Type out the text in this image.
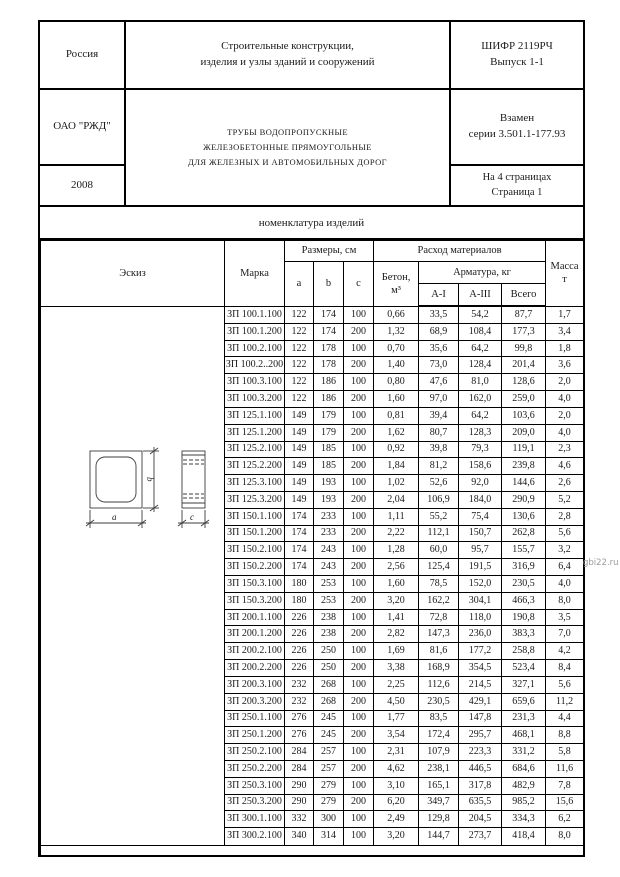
Россия
Строительные конструкции,
изделия и узлы зданий и сооружений
ШИФР 2119РЧ
Выпуск 1-1
ОАО "РЖД"	ТРУБЫ ВОДОПРОПУСКНЫЕ
ЖЕЛЕЗОБЕТОННЫЕ ПРЯМОУГОЛЬНЫЕ
ДЛЯ ЖЕЛЕЗНЫХ И АВТОМОБИЛЬНЫХ ДОРОГ
Взамен
серии 3.501.1-177.93
2008
На 4 страницах
Страница 1
номенклатура изделий
Эскиз	Марка	Размеры, см			Расход материалов				Масса
т

		a	b	c	Бетон,
м³	Арматура, кг			
						А-I	А-III	Всего	

a
b
c	ЗП 100.1.100	122	174	100	0,66	33,5	54,2	87,7	1,7
	ЗП 100.1.200	122	174	200	1,32	68,9	108,4	177,3	3,4
	ЗП 100.2.100	122	178	100	0,70	35,6	64,2	99,8	1,8
	ЗП 100.2..200	122	178	200	1,40	73,0	128,4	201,4	3,6
	ЗП 100.3.100	122	186	100	0,80	47,6	81,0	128,6	2,0
	ЗП 100.3.200	122	186	200	1,60	97,0	162,0	259,0	4,0
	ЗП 125.1.100	149	179	100	0,81	39,4	64,2	103,6	2,0
	ЗП 125.1.200	149	179	200	1,62	80,7	128,3	209,0	4,0
	ЗП 125.2.100	149	185	100	0,92	39,8	79,3	119,1	2,3
	ЗП 125.2.200	149	185	200	1,84	81,2	158,6	239,8	4,6
	ЗП 125.3.100	149	193	100	1,02	52,6	92,0	144,6	2,6
	ЗП 125.3.200	149	193	200	2,04	106,9	184,0	290,9	5,2
	ЗП 150.1.100	174	233	100	1,11	55,2	75,4	130,6	2,8
	ЗП 150.1.200	174	233	200	2,22	112,1	150,7	262,8	5,6
	ЗП 150.2.100	174	243	100	1,28	60,0	95,7	155,7	3,2
	ЗП 150.2.200	174	243	200	2,56	125,4	191,5	316,9	6,4
	ЗП 150.3.100	180	253	100	1,60	78,5	152,0	230,5	4,0
	ЗП 150.3.200	180	253	200	3,20	162,2	304,1	466,3	8,0
	ЗП 200.1.100	226	238	100	1,41	72,8	118,0	190,8	3,5
	ЗП 200.1.200	226	238	200	2,82	147,3	236,0	383,3	7,0
	ЗП 200.2.100	226	250	100	1,69	81,6	177,2	258,8	4,2
	ЗП 200.2.200	226	250	200	3,38	168,9	354,5	523,4	8,4
	ЗП 200.3.100	232	268	100	2,25	112,6	214,5	327,1	5,6
	ЗП 200.3.200	232	268	200	4,50	230,5	429,1	659,6	11,2
	ЗП 250.1.100	276	245	100	1,77	83,5	147,8	231,3	4,4
	ЗП 250.1.200	276	245	200	3,54	172,4	295,7	468,1	8,8
	ЗП 250.2.100	284	257	100	2,31	107,9	223,3	331,2	5,8
	ЗП 250.2.200	284	257	200	4,62	238,1	446,5	684,6	11,6
	ЗП 250.3.100	290	279	100	3,10	165,1	317,8	482,9	7,8
	ЗП 250.3.200	290	279	200	6,20	349,7	635,5	985,2	15,6
	ЗП 300.1.100	332	300	100	2,49	129,8	204,5	334,3	6,2
	ЗП 300.2.100	340	314	100	3,20	144,7	273,7	418,4	8,0

gbi22.ru
